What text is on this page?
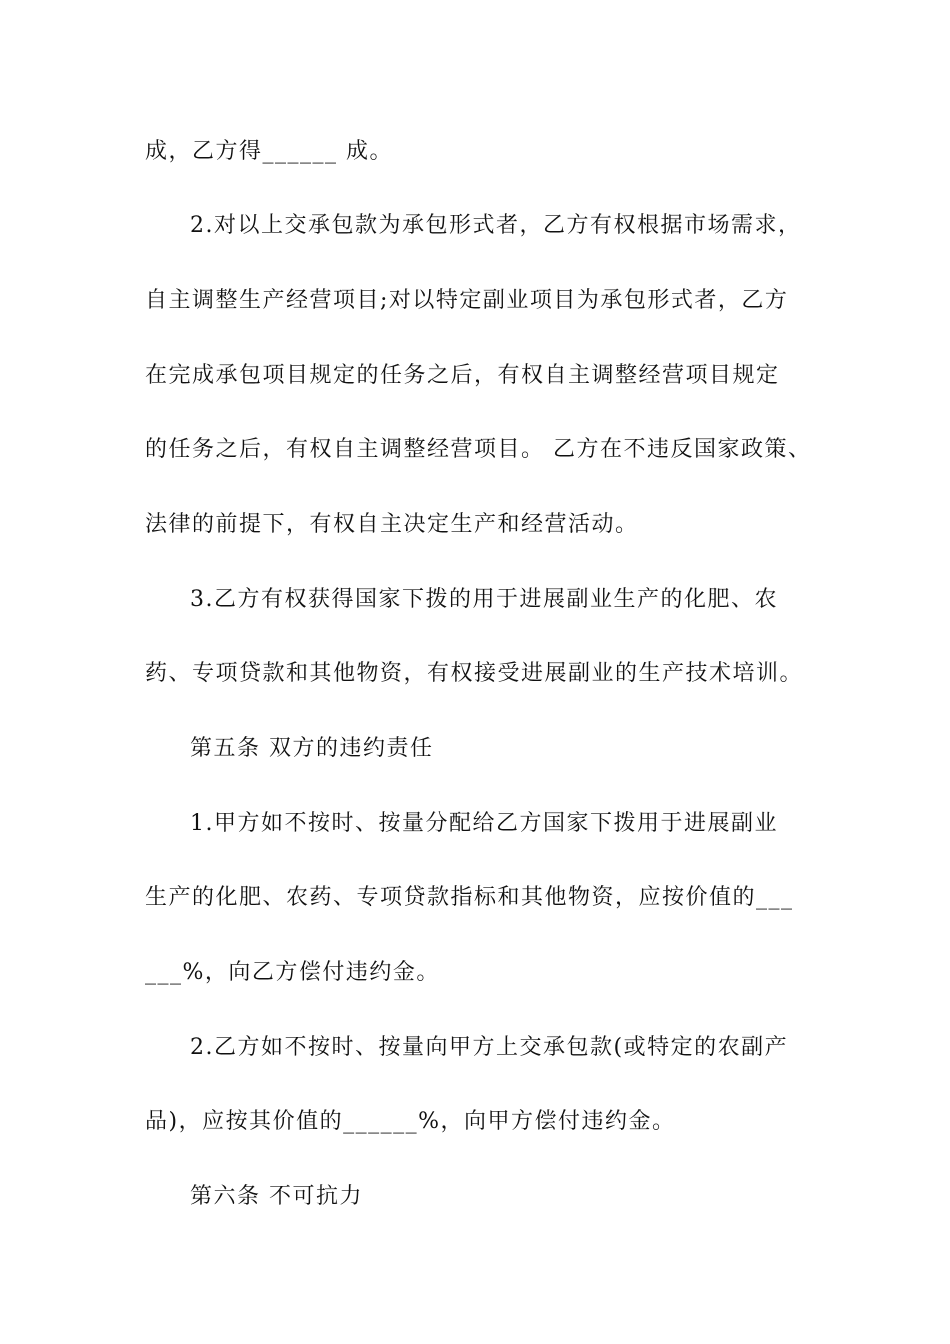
成，乙方得______ 成。
2.对以上交承包款为承包形式者，乙方有权根据市场需求，
自主调整生产经营项目;对以特定副业项目为承包形式者，乙方
在完成承包项目规定的任务之后，有权自主调整经营项目规定
的任务之后，有权自主调整经营项目。 乙方在不违反国家政策、
法律的前提下，有权自主决定生产和经营活动。
3.乙方有权获得国家下拨的用于进展副业生产的化肥、农
药、专项贷款和其他物资，有权接受进展副业的生产技术培训。
第五条 双方的违约责任
1.甲方如不按时、按量分配给乙方国家下拨用于进展副业
生产的化肥、农药、专项贷款指标和其他物资，应按价值的___
___%，向乙方偿付违约金。
2.乙方如不按时、按量向甲方上交承包款(或特定的农副产
品)，应按其价值的______%，向甲方偿付违约金。
第六条 不可抗力
